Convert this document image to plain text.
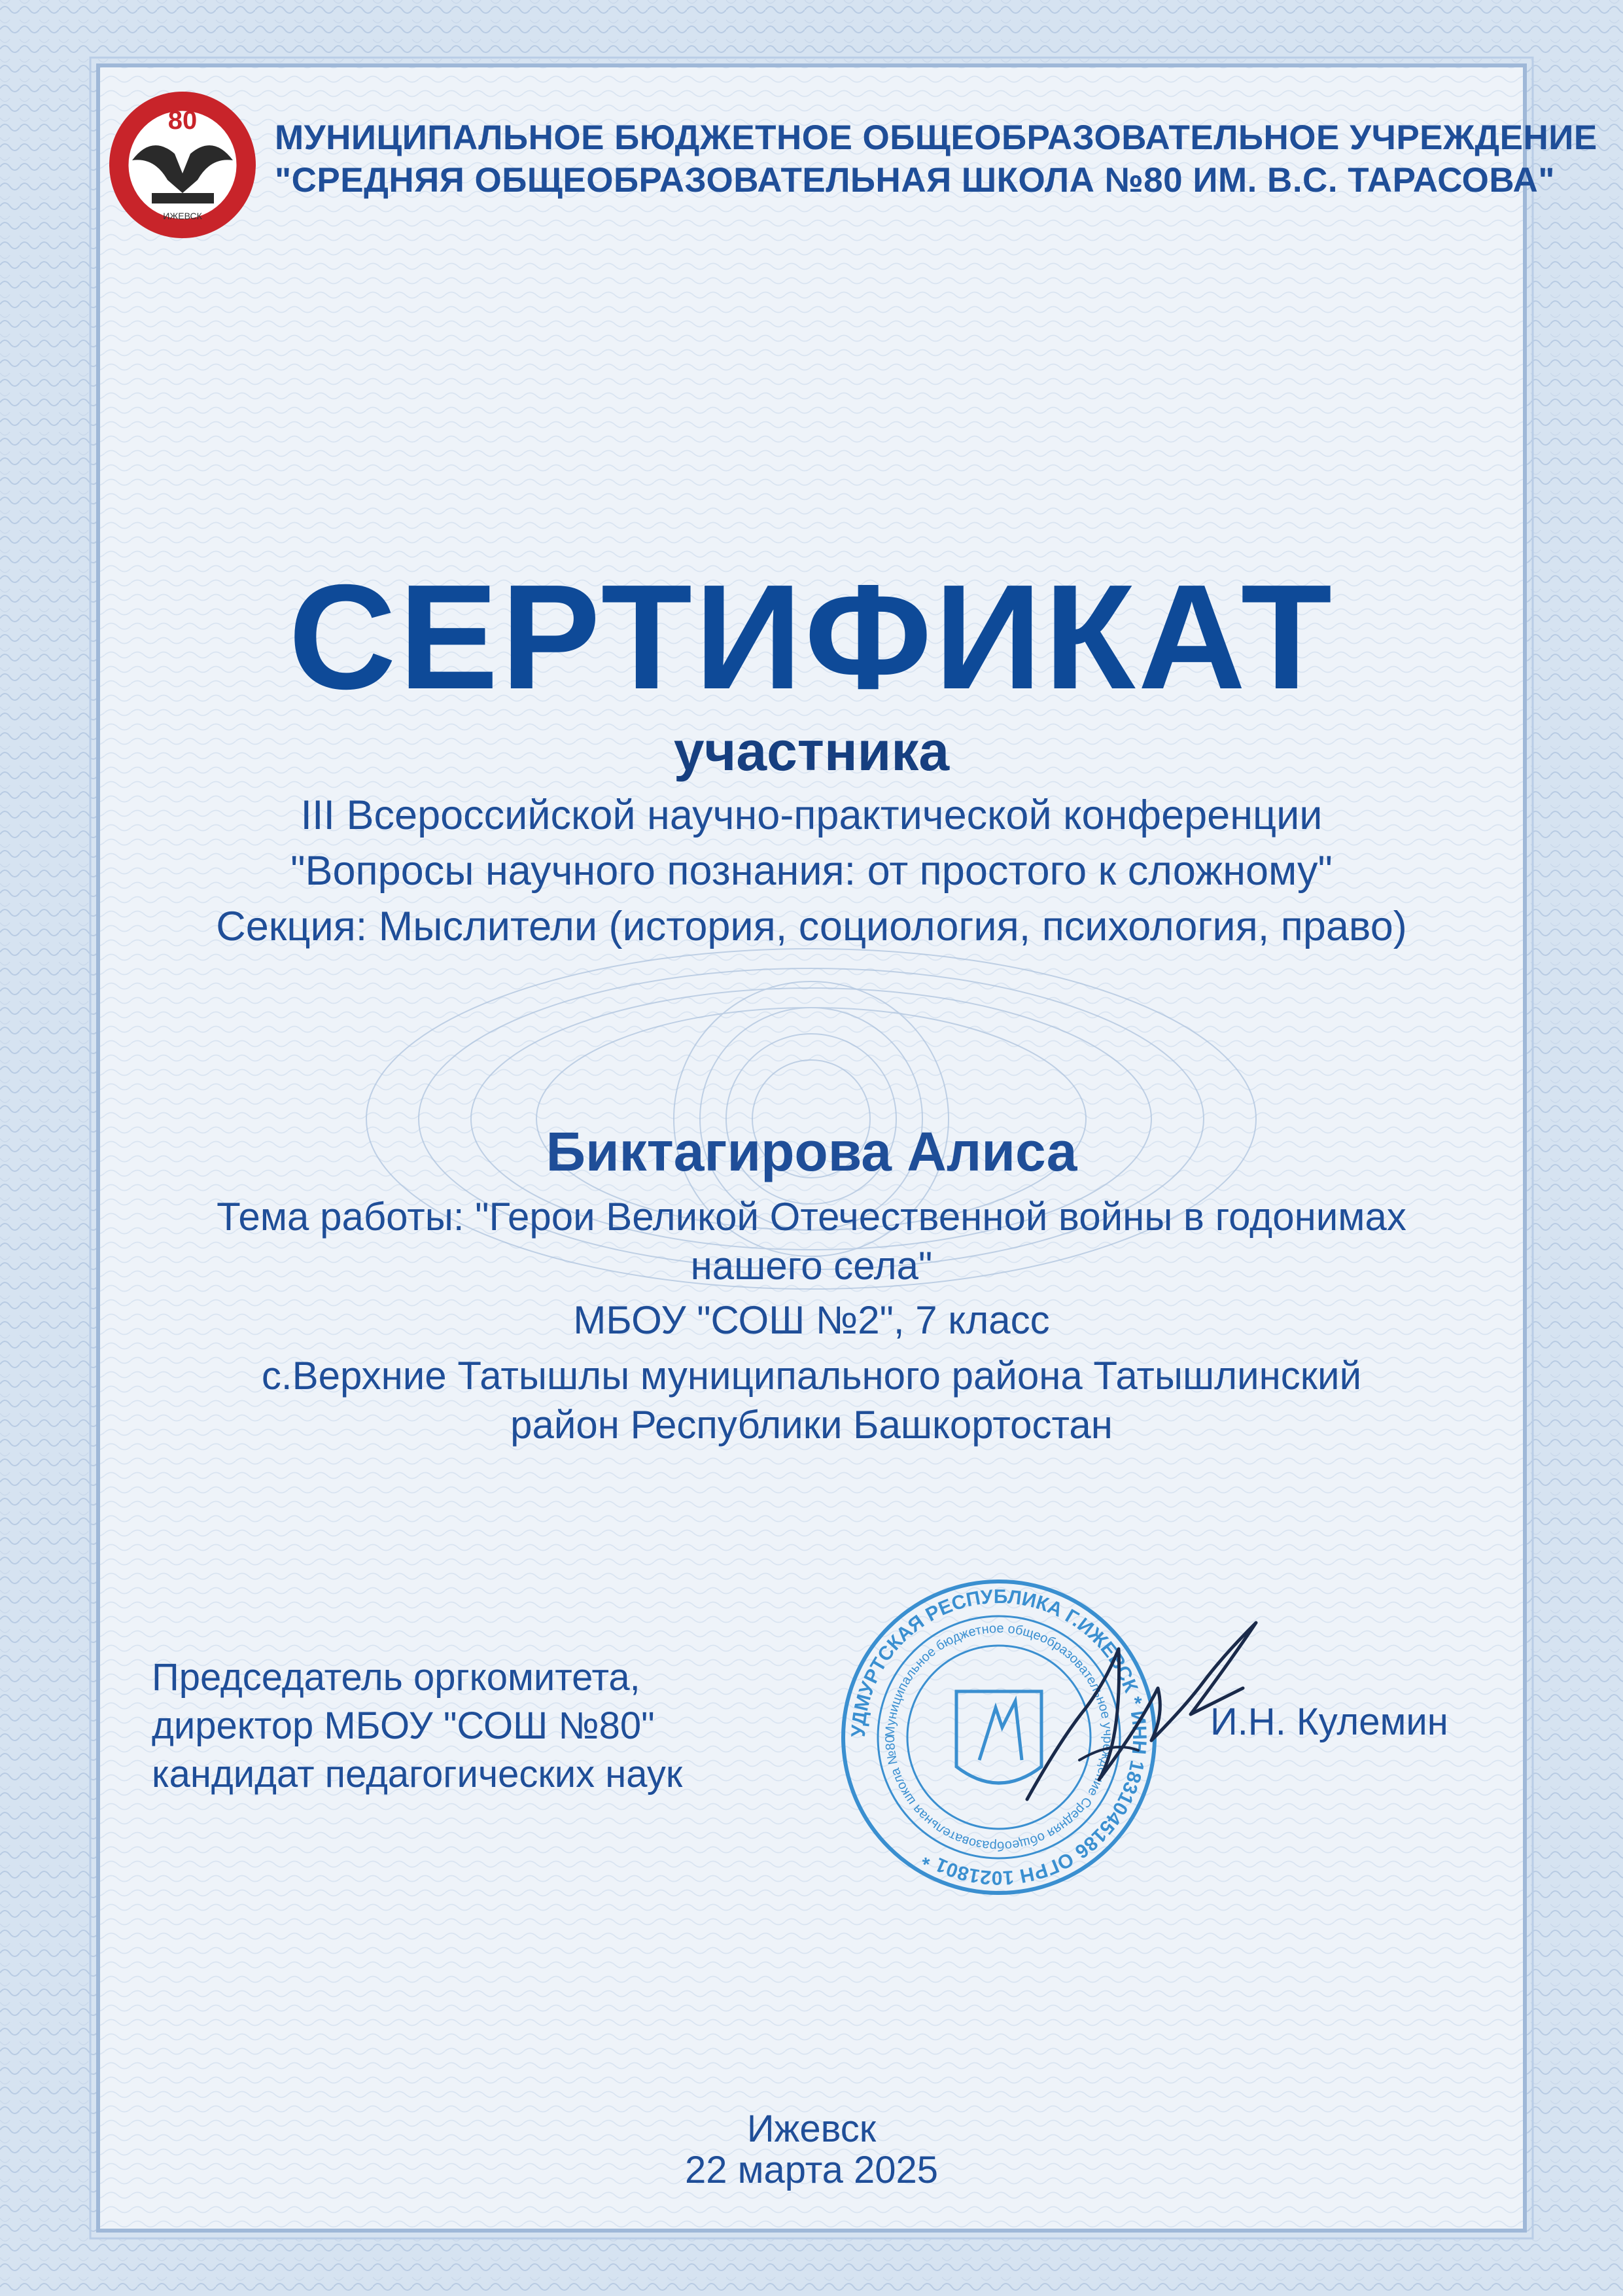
80
ИЖЕВСК
МУНИЦИПАЛЬНОЕ БЮДЖЕТНОЕ ОБЩЕОБРАЗОВАТЕЛЬНОЕ УЧРЕЖДЕНИЕ
"СРЕДНЯЯ ОБЩЕОБРАЗОВАТЕЛЬНАЯ ШКОЛА №80 ИМ. В.С. ТАРАСОВА"
СЕРТИФИКАТ
участника
III Всероссийской научно-практической конференции
"Вопросы научного познания: от простого к сложному"
Секция: Мыслители (история, социология, психология, право)
Биктагирова Алиса
Тема работы: "Герои Великой Отечественной войны в годонимах
нашего села"
МБОУ "СОШ №2", 7 класс
с.Верхние Татышлы муниципального района Татышлинский
район Республики Башкортостан
Председатель оргкомитета,
директор МБОУ "СОШ №80"
кандидат педагогических наук
УДМУРТСКАЯ РЕСПУБЛИКА Г.ИЖЕВСК * ИНН 1831045186 ОГРН 1021801 *
Муниципальное бюджетное общеобразовательное учреждение Средняя общеобразовательная школа №80	И.Н. Кулемин
Ижевск
22 марта 2025
